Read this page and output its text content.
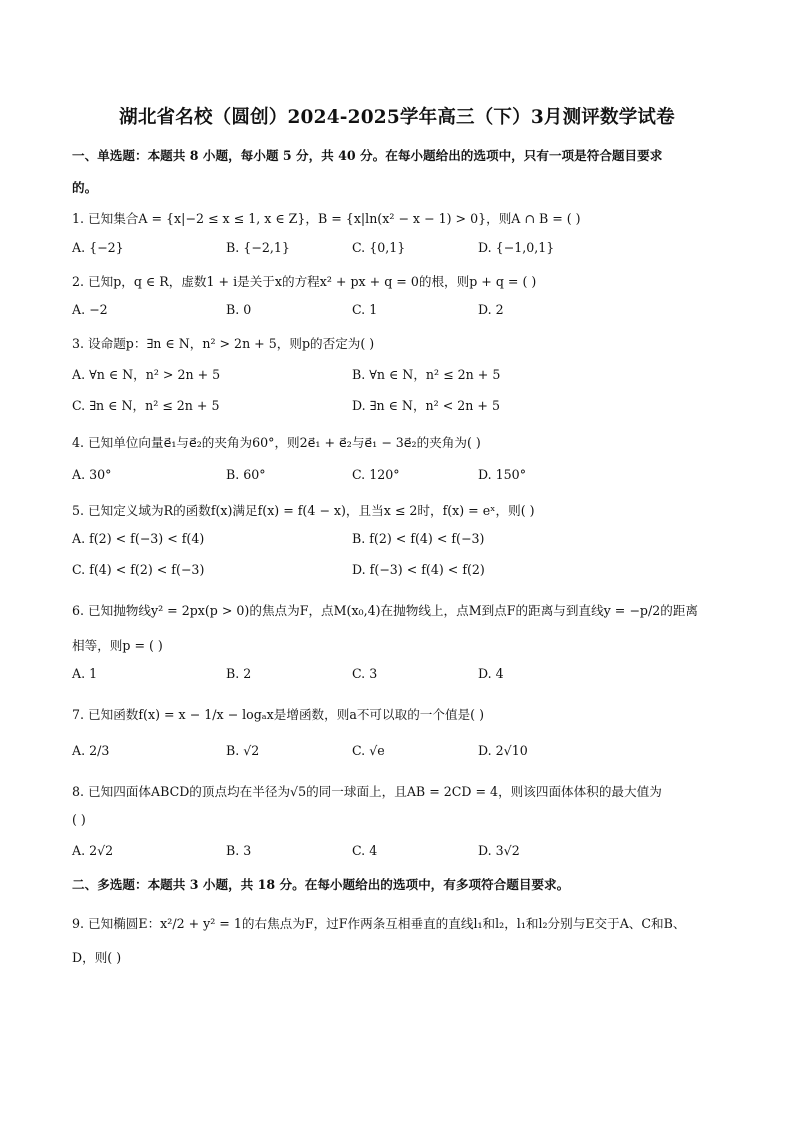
湖北省名校（圆创）2024-2025学年高三（下）3月测评数学试卷
一、单选题：本题共 8 小题，每小题 5 分，共 40 分。在每小题给出的选项中，只有一项是符合题目要求
的。
1. 已知集合A = {x|−2 ≤ x ≤ 1, x ∈ Z}，B = {x|ln(x² − x − 1) > 0}，则A ∩ B = ( )
A. {−2}	B. {−2,1}	C. {0,1}	D. {−1,0,1}
2. 已知p，q ∈ R，虚数1 + i是关于x的方程x² + px + q = 0的根，则p + q = ( )
A. −2	B. 0	C. 1	D. 2
3. 设命题p：∃n ∈ N，n² > 2n + 5，则p的否定为( )
A. ∀n ∈ N，n² > 2n + 5	B. ∀n ∈ N，n² ≤ 2n + 5
C. ∃n ∈ N，n² ≤ 2n + 5	D. ∃n ∈ N，n² < 2n + 5
4. 已知单位向量e⃗₁与e⃗₂的夹角为60°，则2e⃗₁ + e⃗₂与e⃗₁ − 3e⃗₂的夹角为( )
A. 30°	B. 60°	C. 120°	D. 150°
5. 已知定义域为R的函数f(x)满足f(x) = f(4 − x)，且当x ≤ 2时，f(x) = eˣ，则( )
A. f(2) < f(−3) < f(4)	B. f(2) < f(4) < f(−3)
C. f(4) < f(2) < f(−3)	D. f(−3) < f(4) < f(2)
6. 已知抛物线y² = 2px(p > 0)的焦点为F，点M(x₀,4)在抛物线上，点M到点F的距离与到直线y = −p/2的距离
相等，则p = ( )
A. 1	B. 2	C. 3	D. 4
7. 已知函数f(x) = x − 1/x − logₐx是增函数，则a不可以取的一个值是( )
A. 2/3	B. √2	C. √e	D. 2√10
8. 已知四面体ABCD的顶点均在半径为√5的同一球面上，且AB = 2CD = 4，则该四面体体积的最大值为
( )
A. 2√2	B. 3	C. 4	D. 3√2
二、多选题：本题共 3 小题，共 18 分。在每小题给出的选项中，有多项符合题目要求。
9. 已知椭圆E：x²/2 + y² = 1的右焦点为F，过F作两条互相垂直的直线l₁和l₂，l₁和l₂分别与E交于A、C和B、
D，则( )
